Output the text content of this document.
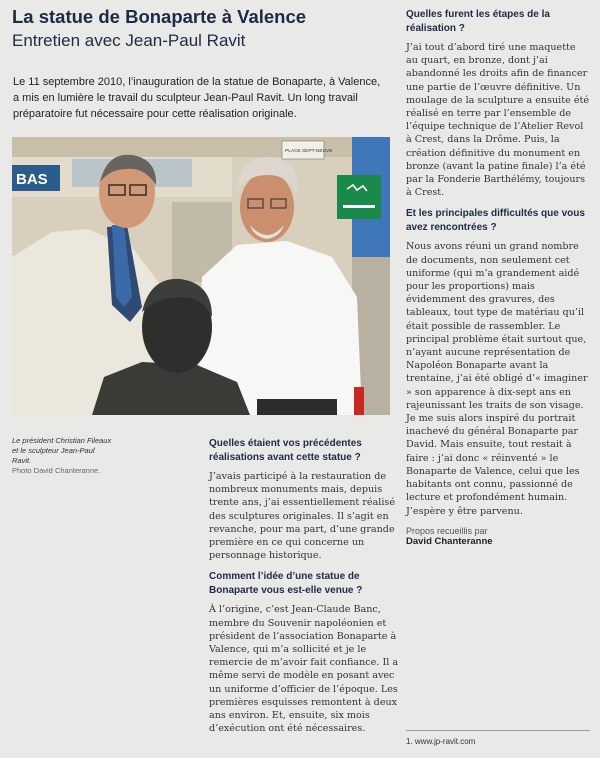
La statue de Bonaparte à Valence
Entretien avec Jean-Paul Ravit

Le 11 septembre 2010, l’inauguration de la statue de Bonaparte, à Valence, a mis en lumière le travail du sculpteur Jean-Paul Ravit. Un long travail préparatoire fut nécessaire pour cette réalisation originale.

BAS
PLACE SEPT-NEUVE
Le président Christian Fileaux et le sculpteur Jean-Paul Ravit.
Photo David Chanteranne.

Quelles étaient vos précédentes réalisations avant cette statue ?

J’avais participé à la restauration de nombreux monuments mais, depuis trente ans, j’ai essentiellement réalisé des sculptures originales. Il s’agit en revanche, pour ma part, d’une grande première en ce qui concerne un personnage historique.

Comment l’idée d’une statue de Bonaparte vous est-elle venue ?

À l’origine, c’est Jean-Claude Banc, membre du Souvenir napoléonien et président de l’association Bonaparte à Valence, qui m’a sollicité et je le remercie de m’avoir fait confiance. Il a même servi de modèle en posant avec un uniforme d’officier de l’époque. Les premières esquisses remontent à deux ans environ. Et, ensuite, six mois d’exécution ont été nécessaires.

Quelles furent les étapes de la réalisation ?

J’ai tout d’abord tiré une maquette au quart, en bronze, dont j’ai abandonné les droits afin de financer une partie de l’œuvre définitive. Un moulage de la sculpture a ensuite été réalisé en terre par l’ensemble de l’équipe technique de l’Atelier Revol à Crest, dans la Drôme. Puis, la création définitive du monument en bronze (avant la patine finale) l’a été par la Fonderie Barthélémy, toujours à Crest.

Et les principales difficultés que vous avez rencontrées ?

Nous avons réuni un grand nombre de documents, non seulement cet uniforme (qui m’a grandement aidé pour les proportions) mais évidemment des gravures, des tableaux, tout type de matériau qu’il était possible de rassembler. Le principal problème était surtout que, n’ayant aucune représentation de Napoléon Bonaparte avant la trentaine, j’ai été obligé d’« imaginer » son apparence à dix-sept ans en rajeunissant les traits de son visage. Je me suis alors inspiré du portrait inachevé du général Bonaparte par David. Mais ensuite, tout restait à faire : j’ai donc « réinventé » le Bonaparte de Valence, celui que les habitants ont connu, passionné de lecture et profondément humain. J’espère y être parvenu.

Propos recueillis par
David Chanteranne
1. www.jp-ravit.com
